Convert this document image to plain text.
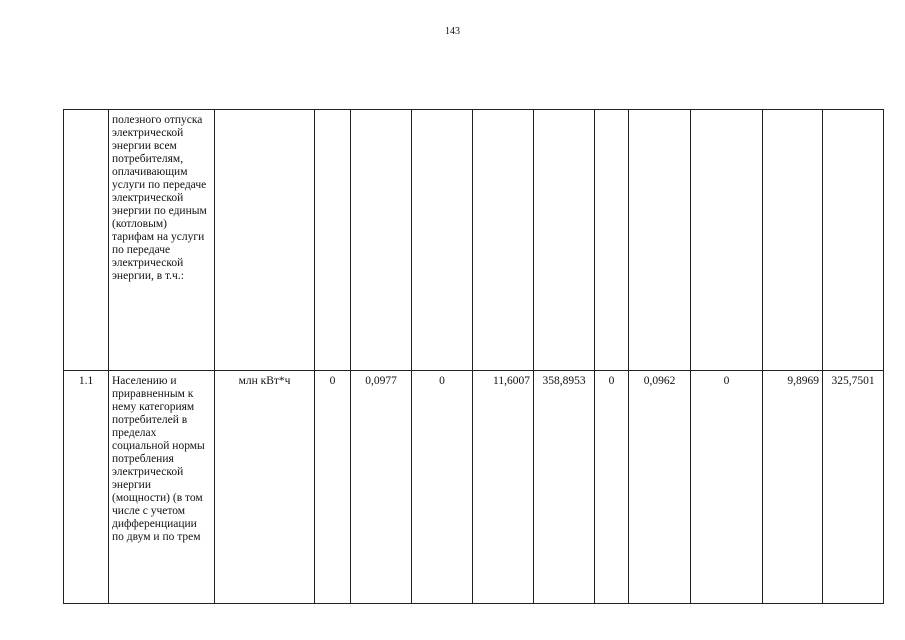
143
	полезного отпуска электрической энергии всем потребителям, оплачивающим услуги по передаче электрической энергии по единым (котловым) тарифам на услуги по передаче электрической энергии, в т.ч.:											
1.1	Населению и приравненным к нему категориям потребителей в пределах социальной нормы потребления электрической энергии (мощности) (в том числе с учетом дифференциации по двум и по трем	млн кВт*ч	0	0,0977	0	11,6007	358,8953	0	0,0962	0	9,8969	325,7501
